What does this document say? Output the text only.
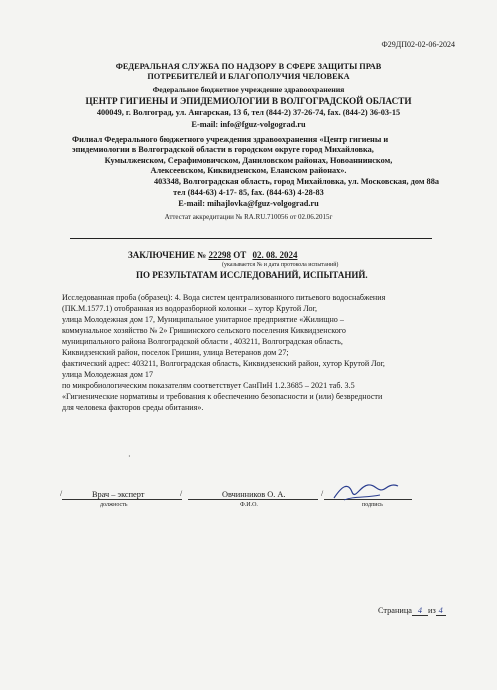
Ф29ДП02-02-06-2024
ФЕДЕРАЛЬНАЯ СЛУЖБА ПО НАДЗОРУ В СФЕРЕ ЗАЩИТЫ ПРАВ
ПОТРЕБИТЕЛЕЙ И БЛАГОПОЛУЧИЯ ЧЕЛОВЕКА
Федеральное бюджетное учреждение здравоохранения
ЦЕНТР ГИГИЕНЫ И ЭПИДЕМИОЛОГИИ В ВОЛГОГРАДСКОЙ ОБЛАСТИ
400049, г. Волгоград, ул. Ангарская, 13 б, тел (844-2) 37-26-74, fax. (844-2) 36-03-15
E-mail: info@fguz-volgograd.ru
Филиал Федерального бюджетного учреждения здравоохранения «Центр гигиены и
эпидемиологии в Волгоградской области в городском округе город Михайловка,
Кумылженском, Серафимовичском, Даниловском районах, Новоаннинском,
Алексеевском, Киквидзенском, Еланском районах».
403348, Волгоградская область, город Михайловка, ул. Московская, дом 88а
тел (844-63) 4-17- 85, fax. (844-63) 4-28-83
E-mail: mihajlovka@fguz-volgograd.ru
Аттестат аккредитации № RA.RU.710056 от 02.06.2015г
ЗАКЛЮЧЕНИЕ № 22298 ОТ 02. 08. 2024
(указывается № и дата протокола испытаний)
ПО РЕЗУЛЬТАТАМ ИССЛЕДОВАНИЙ, ИСПЫТАНИЙ.
Исследованная проба (образец): 4. Вода систем централизованного питьевого водоснабжения
(ПК.М.1577.1) отобранная из водоразборной колонки – хутор Крутой Лог,
улица Молодежная дом 17, Муниципальное унитарное предприятие «Жилищно –
коммунальное хозяйство № 2» Гришинского сельского поселения Киквидзенского
муниципального района Волгоградской области , 403211, Волгоградская область,
Киквидзенский район, поселок Гришин, улица Ветеранов дом 27;
фактический адрес: 403211, Волгоградская область, Киквидзенский район, хутор Крутой Лог,
улица Молодежная дом 17
по микробиологическим показателям соответствует СанПиН 1.2.3685 – 2021 таб. 3.5
«Гигиенические нормативы и требования к обеспечению безопасности и (или) безвредности
для человека факторов среды обитания».
·
/	/	/
Врач – эксперт	Овчинников О. А.
должность	Ф.И.О.	подпись
Страница 4 из 4
